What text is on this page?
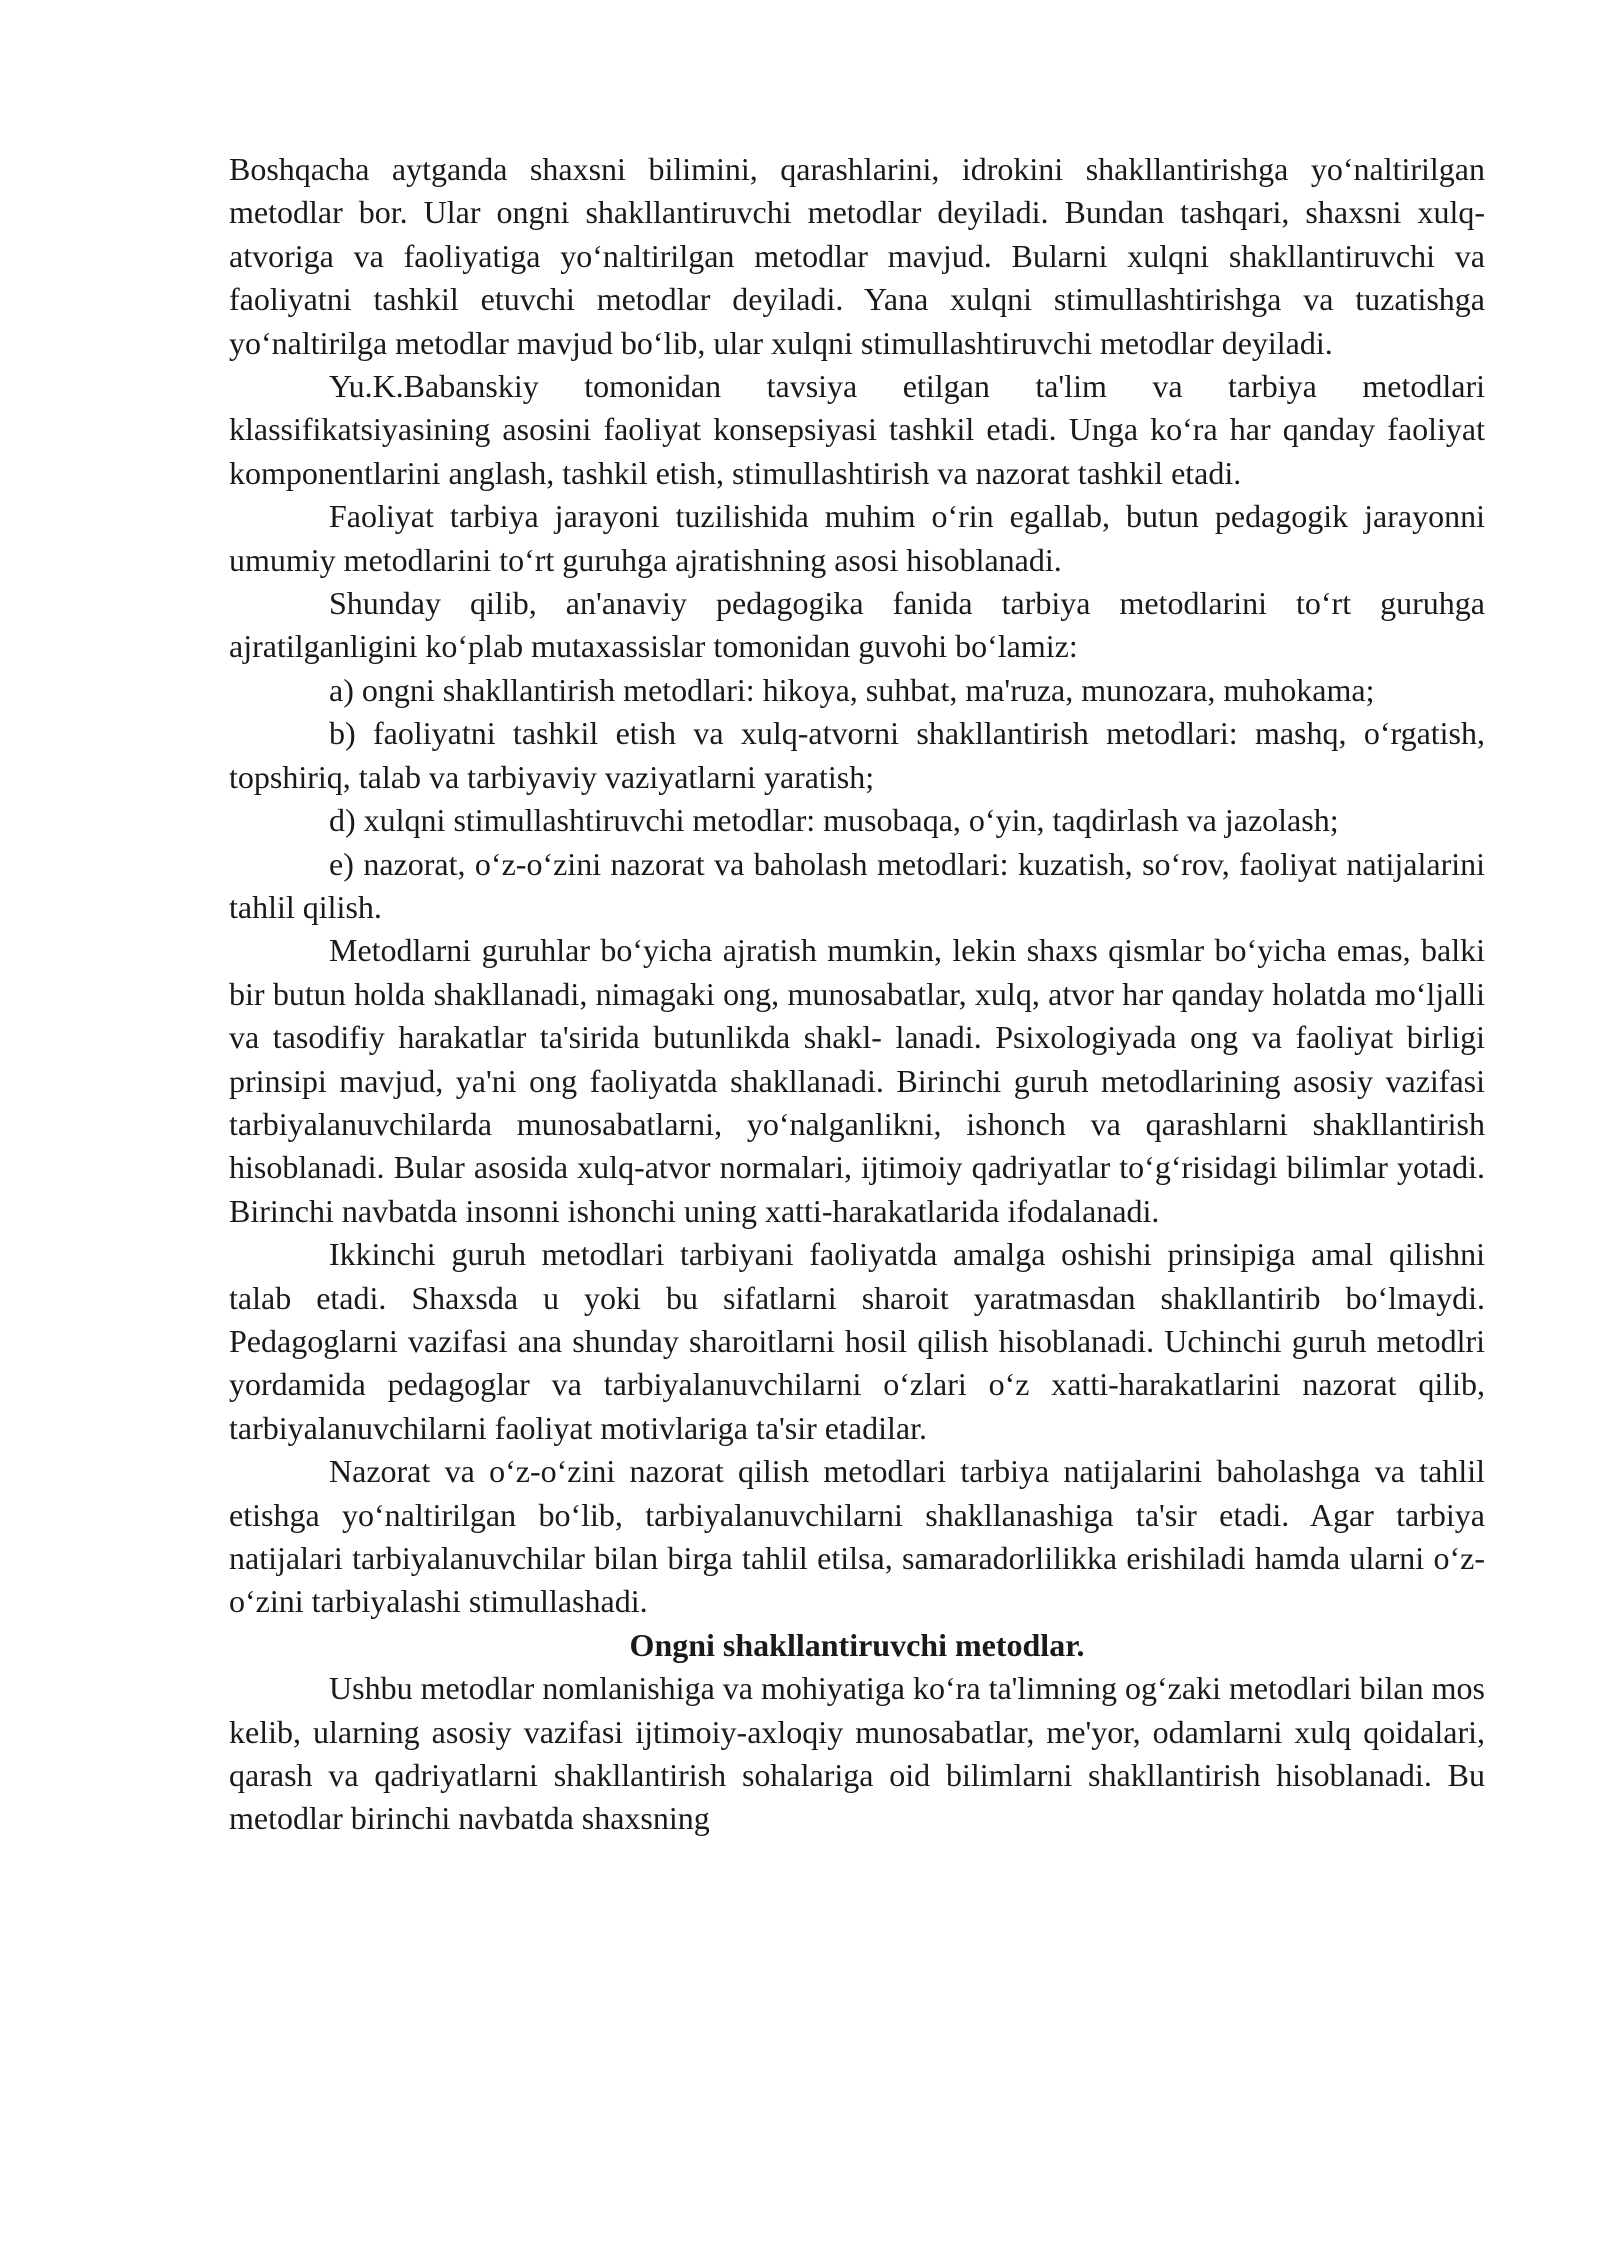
Boshqacha aytganda shaxsni bilimini, qarashlarini, idrokini shakllantirishga yo‘naltirilgan metodlar bor. Ular ongni shakllantiruvchi metodlar deyiladi. Bundan tashqari, shaxsni xulq-atvoriga va faoliyatiga yo‘naltirilgan metodlar mavjud. Bularni xulqni shakllantiruvchi va faoliyatni tashkil etuvchi metodlar deyiladi. Yana xulqni stimullashtirishga va tuzatishga yo‘naltirilga metodlar mavjud bo‘lib, ular xulqni stimullashtiruvchi metodlar deyiladi.

Yu.K.Babanskiy tomonidan tavsiya etilgan ta'lim va tarbiya metodlari klassifikatsiyasining asosini faoliyat konsepsiyasi tashkil etadi. Unga ko‘ra har qanday faoliyat komponentlarini anglash, tashkil etish, stimullashtirish va nazorat tashkil etadi.

Faoliyat tarbiya jarayoni tuzilishida muhim o‘rin egallab, butun pedagogik jarayonni umumiy metodlarini to‘rt guruhga ajratishning asosi hisoblanadi.

Shunday qilib, an'anaviy pedagogika fanida tarbiya metodlarini to‘rt guruhga ajratilganligini ko‘plab mutaxassislar tomonidan guvohi bo‘lamiz:

a) ongni shakllantirish metodlari: hikoya, suhbat, ma'ruza, munozara, muhokama;

b) faoliyatni tashkil etish va xulq-atvorni shakllantirish metodlari: mashq, o‘rgatish, topshiriq, talab va tarbiyaviy vaziyatlarni yaratish;

d) xulqni stimullashtiruvchi metodlar: musobaqa, o‘yin, taqdirlash va jazolash;

e) nazorat, o‘z-o‘zini nazorat va baholash metodlari: kuzatish, so‘rov, faoliyat natijalarini tahlil qilish.

Metodlarni guruhlar bo‘yicha ajratish mumkin, lekin shaxs qismlar bo‘yicha emas, balki bir butun holda shakllanadi, nimagaki ong, munosabatlar, xulq, atvor har qanday holatda mo‘ljalli va tasodifiy harakatlar ta'sirida butunlikda shakl- lanadi. Psixologiyada ong va faoliyat birligi prinsipi mavjud, ya'ni ong faoliyatda shakllanadi. Birinchi guruh metodlarining asosiy vazifasi tarbiyalanuvchilarda munosabatlarni, yo‘nalganlikni, ishonch va qarashlarni shakllantirish hisoblanadi. Bular asosida xulq-atvor normalari, ijtimoiy qadriyatlar to‘g‘risidagi bilimlar yotadi. Birinchi navbatda insonni ishonchi uning xatti-harakatlarida ifodalanadi.

Ikkinchi guruh metodlari tarbiyani faoliyatda amalga oshishi prinsipiga amal qilishni talab etadi. Shaxsda u yoki bu sifatlarni sharoit yaratmasdan shakllantirib bo‘lmaydi. Pedagoglarni vazifasi ana shunday sharoitlarni hosil qilish hisoblanadi. Uchinchi guruh metodlri yordamida pedagoglar va tarbiyalanuvchilarni o‘zlari o‘z xatti-harakatlarini nazorat qilib, tarbiyalanuvchilarni faoliyat motivlariga ta'sir etadilar.

Nazorat va o‘z-o‘zini nazorat qilish metodlari tarbiya natijalarini baholashga va tahlil etishga yo‘naltirilgan bo‘lib, tarbiyalanuvchilarni shakllanashiga ta'sir etadi. Agar tarbiya natijalari tarbiyalanuvchilar bilan birga tahlil etilsa, samaradorlilikka erishiladi hamda ularni o‘z-o‘zini tarbiyalashi stimullashadi.

Ongni shakllantiruvchi metodlar.

Ushbu metodlar nomlanishiga va mohiyatiga ko‘ra ta'limning og‘zaki metodlari bilan mos kelib, ularning asosiy vazifasi ijtimoiy-axloqiy munosabatlar, me'yor, odamlarni xulq qoidalari, qarash va qadriyatlarni shakllantirish sohalariga oid bilimlarni shakllantirish hisoblanadi. Bu metodlar birinchi navbatda shaxsning
